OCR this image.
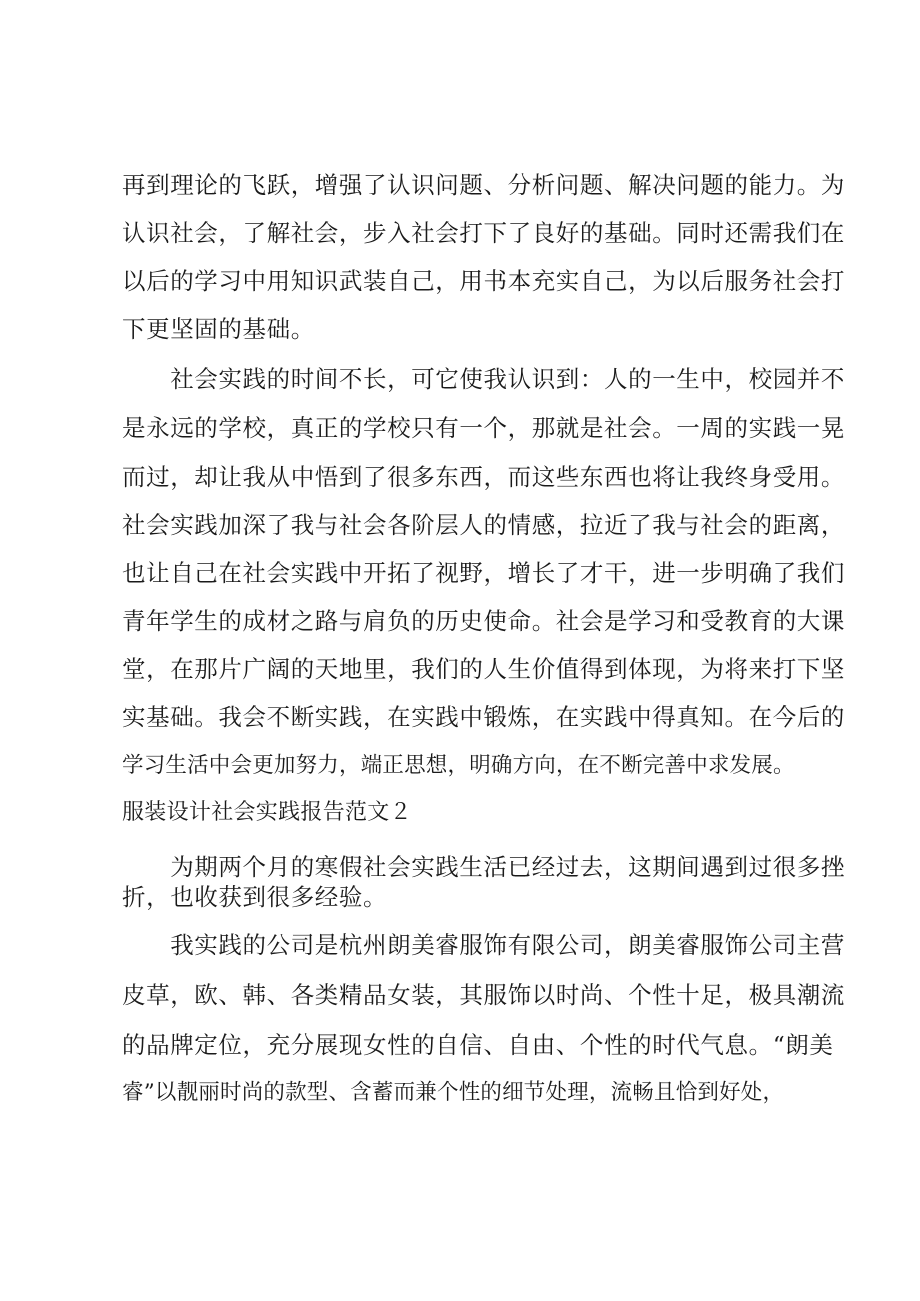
再到理论的飞跃，增强了认识问题、分析问题、解决问题的能力。为
认识社会，了解社会，步入社会打下了良好的基础。同时还需我们在
以后的学习中用知识武装自己，用书本充实自己，为以后服务社会打
下更坚固的基础。
　　社会实践的时间不长，可它使我认识到：人的一生中，校园并不
是永远的学校，真正的学校只有一个，那就是社会。一周的实践一晃
而过，却让我从中悟到了很多东西，而这些东西也将让我终身受用。
社会实践加深了我与社会各阶层人的情感，拉近了我与社会的距离，
也让自己在社会实践中开拓了视野，增长了才干，进一步明确了我们
青年学生的成材之路与肩负的历史使命。社会是学习和受教育的大课
堂，在那片广阔的天地里，我们的人生价值得到体现，为将来打下坚
实基础。我会不断实践，在实践中锻炼，在实践中得真知。在今后的
学习生活中会更加努力，端正思想，明确方向，在不断完善中求发展。
服装设计社会实践报告范文２
　　为期两个月的寒假社会实践生活已经过去，这期间遇到过很多挫
折，也收获到很多经验。
　　我实践的公司是杭州朗美睿服饰有限公司，朗美睿服饰公司主营
皮草，欧、韩、各类精品女装，其服饰以时尚、个性十足，极具潮流
的品牌定位，充分展现女性的自信、自由、个性的时代气息。“朗美
睿”以靓丽时尚的款型、含蓄而兼个性的细节处理，流畅且恰到好处，
